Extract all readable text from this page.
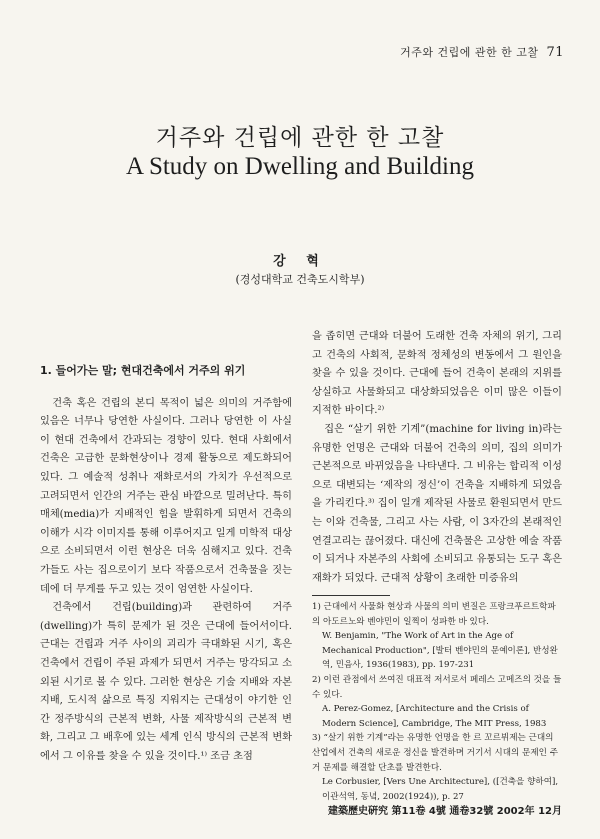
거주와 건립에 관한 한 고찰 71
거주와 건립에 관한 한 고찰
A Study on Dwelling and Building
강 혁
(경성대학교 건축도시학부)

1. 들어가는 말; 현대건축에서 거주의 위기

건축 혹은 건립의 본디 목적이 넓은 의미의 거주함에 있음은 너무나 당연한 사실이다. 그러나 당연한 이 사실이 현대 건축에서 간과되는 경향이 있다. 현대 사회에서 건축은 고급한 문화현상이나 경제 활동으로 제도화되어 있다. 그 예술적 성취나 재화로서의 가치가 우선적으로 고려되면서 인간의 거주는 관심 바깥으로 밀려난다. 특히 매체(media)가 지배적인 힘을 발휘하게 되면서 건축의 이해가 시각 이미지를 통해 이루어지고 일게 미학적 대상으로 소비되면서 이런 현상은 더욱 심해지고 있다. 건축가들도 사는 집으로이기 보다 작품으로서 건축물을 짓는 데에 더 무게를 두고 있는 것이 엄연한 사실이다.

건축에서 건립(building)과 관련하여 거주(dwelling)가 특히 문제가 된 것은 근대에 들어서이다. 근대는 건립과 거주 사이의 괴리가 극대화된 시기, 혹은 건축에서 건립이 주된 과제가 되면서 거주는 망각되고 소외된 시기로 볼 수 있다. 그러한 현상은 기술 지배와 자본 지배, 도시적 삶으로 특징 지워지는 근대성이 야기한 인간 정주방식의 근본적 변화, 사물 제작방식의 근본적 변화, 그리고 그 배후에 있는 세계 인식 방식의 근본적 변화에서 그 이유를 찾을 수 있을 것이다.¹⁾ 조금 초점

을 좁히면 근대와 더불어 도래한 건축 자체의 위기, 그리고 건축의 사회적, 문화적 정체성의 변동에서 그 원인을 찾을 수 있을 것이다. 근대에 들어 건축이 본래의 지위를 상실하고 사물화되고 대상화되었음은 이미 많은 이들이 지적한 바이다.²⁾

집은 “살기 위한 기계”(machine for living in)라는 유명한 언명은 근대와 더불어 건축의 의미, 집의 의미가 근본적으로 바뀌었음을 나타낸다. 그 비유는 합리적 이성으로 대변되는 ‘제작의 정신’이 건축을 지배하게 되었음을 가리킨다.³⁾ 집이 일개 제작된 사물로 환원되면서 만드는 이와 건축물, 그리고 사는 사람, 이 3자간의 본래적인 연결고리는 끊어졌다. 대신에 건축물은 고상한 예술 작품이 되거나 자본주의 사회에 소비되고 유통되는 도구 혹은 재화가 되었다. 근대적 상황이 초래한 미증유의

1) 근대에서 사물화 현상과 사물의 의미 변질은 프랑크푸르트학파의 아도르노와 벤야민이 일찍이 성파한 바 있다.

W. Benjamin, "The Work of Art in the Age of Mechanical Production", [발터 벤야민의 문예이론], 반성완역, 민음사, 1936(1983), pp. 197-231

2) 이런 관점에서 쓰여진 대표적 저서로서 페레스 고메즈의 것을 들 수 있다.

A. Perez-Gomez, [Architecture and the Crisis of Modern Science], Cambridge, The MIT Press, 1983

3) “살기 위한 기계”라는 유명한 언명을 한 르 꼬르뷔제는 근대의 산업에서 건축의 새로운 정신을 발견하며 거기서 시대의 문제인 주거 문제를 해결할 단초를 발견한다.

Le Corbusier, [Vers Une Architecture], ([건축을 향하여], 이관석역, 동녘, 2002(1924)), p. 27

建築歷史硏究 第11卷 4號 通卷32號 2002年 12月
